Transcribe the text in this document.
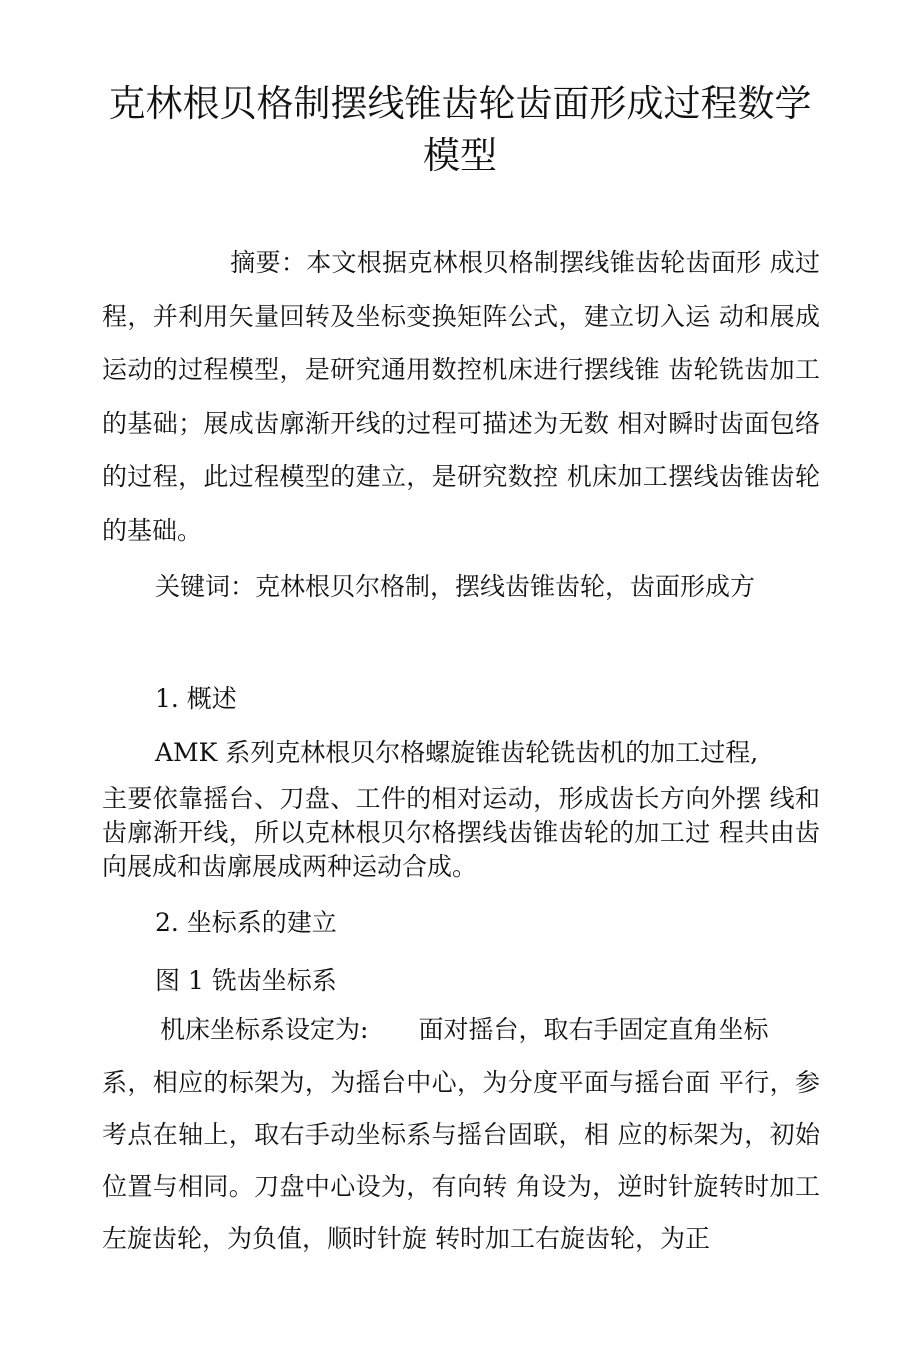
克林根贝格制摆线锥齿轮齿面形成过程数学模型

摘要：本文根据克林根贝格制摆线锥齿轮齿面形 成过程，并利用矢量回转及坐标变换矩阵公式，建立切入运 动和展成运动的过程模型，是研究通用数控机床进行摆线锥 齿轮铣齿加工的基础；展成齿廓渐开线的过程可描述为无数 相对瞬时齿面包络的过程，此过程模型的建立，是研究数控 机床加工摆线齿锥齿轮的基础。

关键词：克林根贝尔格制，摆线齿锥齿轮，齿面形成方

1. 概述

AMK 系列克林根贝尔格螺旋锥齿轮铣齿机的加工过程,

主要依靠摇台、刀盘、工件的相对运动，形成齿长方向外摆 线和齿廓渐开线，所以克林根贝尔格摆线齿锥齿轮的加工过 程共由齿向展成和齿廓展成两种运动合成。

2. 坐标系的建立

图 1 铣齿坐标系

机床坐标系设定为: 面对摇台，取右手固定直角坐标

系，相应的标架为，为摇台中心，为分度平面与摇台面 平行，参考点在轴上，取右手动坐标系与摇台固联，相 应的标架为，初始位置与相同。刀盘中心设为，有向转 角设为，逆时针旋转时加工左旋齿轮，为负值，顺时针旋 转时加工右旋齿轮，为正
